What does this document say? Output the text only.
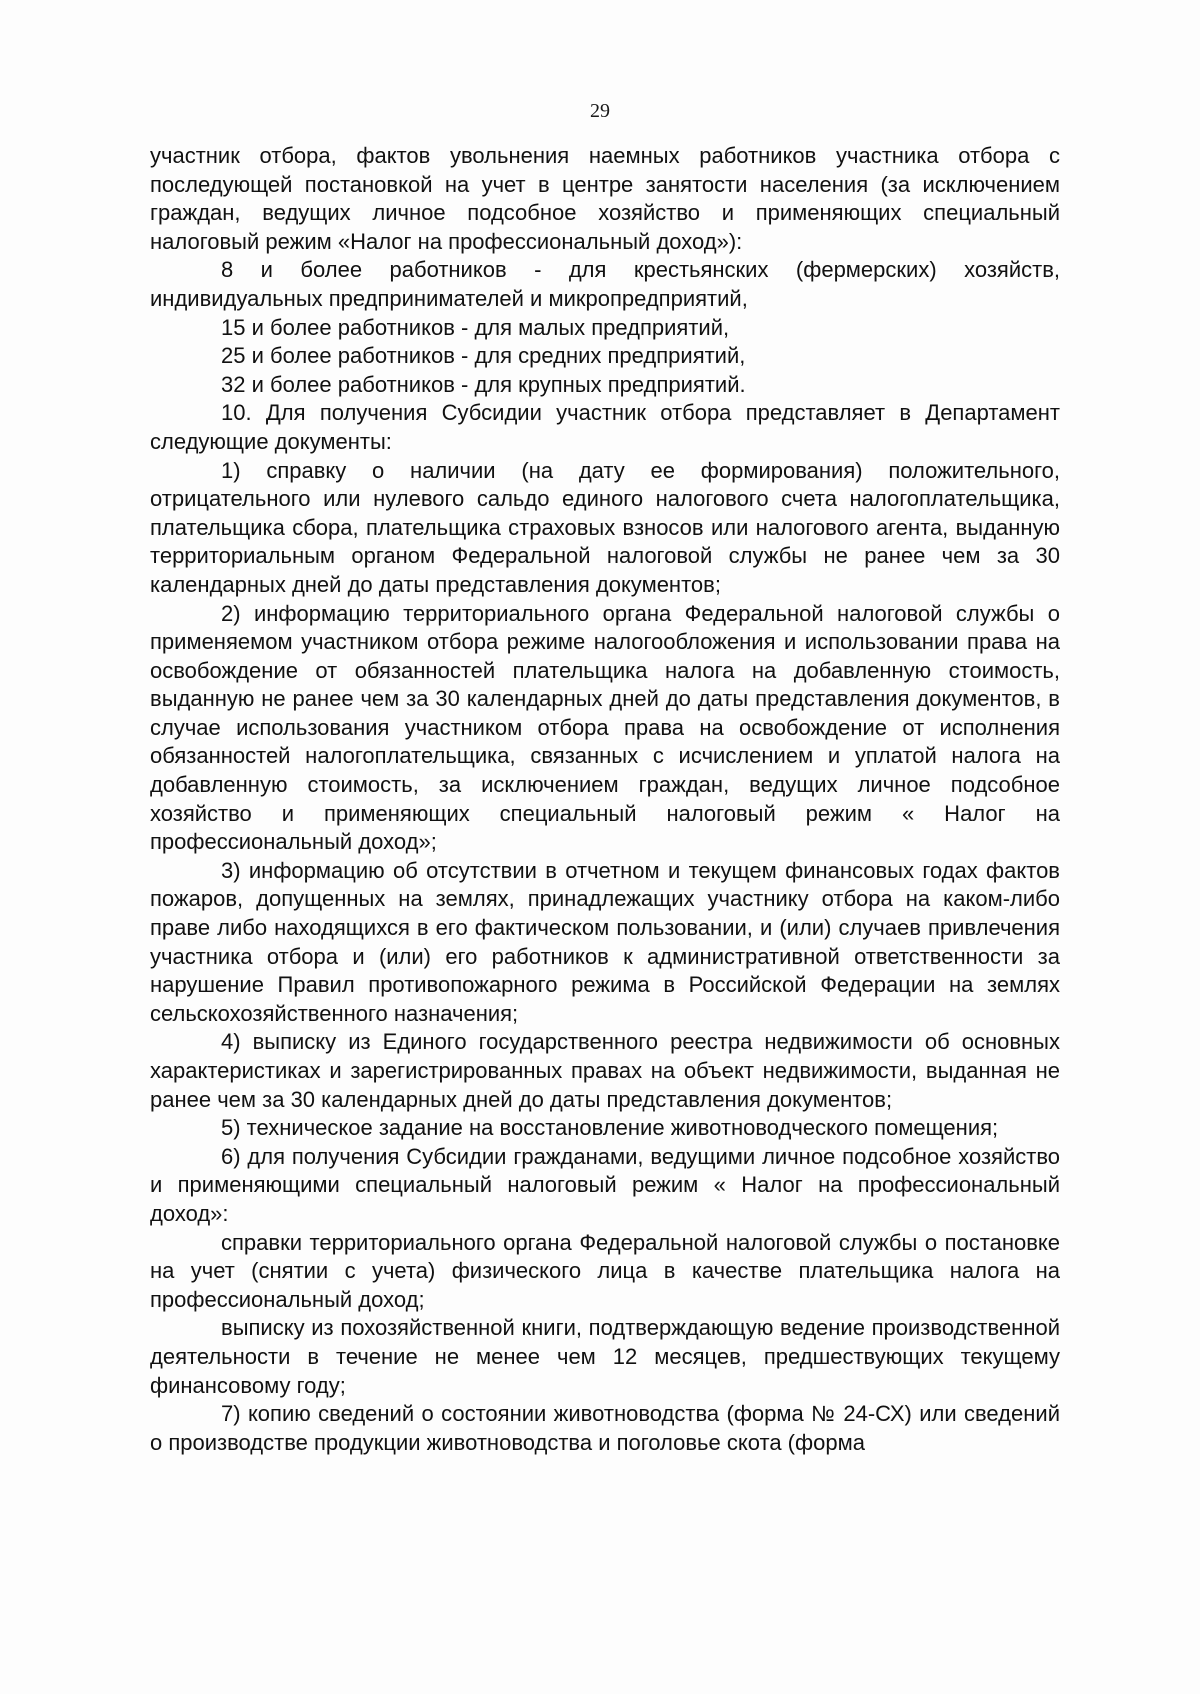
29

участник отбора, фактов увольнения наемных работников участника отбора с последующей постановкой на учет в центре занятости населения (за исключением граждан, ведущих личное подсобное хозяйство и применяющих специальный налоговый режим «Налог на профессиональный доход»):

8 и более работников - для крестьянских (фермерских) хозяйств, индивидуальных предпринимателей и микропредприятий,

15 и более работников - для малых предприятий,

25 и более работников - для средних предприятий,

32 и более работников - для крупных предприятий.

10. Для получения Субсидии участник отбора представляет в Департамент следующие документы:

1) справку о наличии (на дату ее формирования) положительного, отрицательного или нулевого сальдо единого налогового счета налогоплательщика, плательщика сбора, плательщика страховых взносов или налогового агента, выданную территориальным органом Федеральной налоговой службы не ранее чем за 30 календарных дней до даты представления документов;

2) информацию территориального органа Федеральной налоговой службы о применяемом участником отбора режиме налогообложения и использовании права на освобождение от обязанностей плательщика налога на добавленную стоимость, выданную не ранее чем за 30 календарных дней до даты представления документов, в случае использования участником отбора права на освобождение от исполнения обязанностей налогоплательщика, связанных с исчислением и уплатой налога на добавленную стоимость, за исключением граждан, ведущих личное подсобное хозяйство и применяющих специальный налоговый режим « Налог на профессиональный доход»;

3) информацию об отсутствии в отчетном и текущем финансовых годах фактов пожаров, допущенных на землях, принадлежащих участнику отбора на каком-либо праве либо находящихся в его фактическом пользовании, и (или) случаев привлечения участника отбора и (или) его работников к административной ответственности за нарушение Правил противопожарного режима в Российской Федерации на землях сельскохозяйственного назначения;

4) выписку из Единого государственного реестра недвижимости об основных характеристиках и зарегистрированных правах на объект недвижимости, выданная не ранее чем за 30 календарных дней до даты представления документов;

5) техническое задание на восстановление животноводческого помещения;

6) для получения Субсидии гражданами, ведущими личное подсобное хозяйство и применяющими специальный налоговый режим « Налог на профессиональный доход»:

справки территориального органа Федеральной налоговой службы о постановке на учет (снятии с учета) физического лица в качестве плательщика налога на профессиональный доход;

выписку из похозяйственной книги, подтверждающую ведение производственной деятельности в течение не менее чем 12 месяцев, предшествующих текущему финансовому году;

7) копию сведений о состоянии животноводства (форма № 24-СХ) или сведений о производстве продукции животноводства и поголовье скота (форма
